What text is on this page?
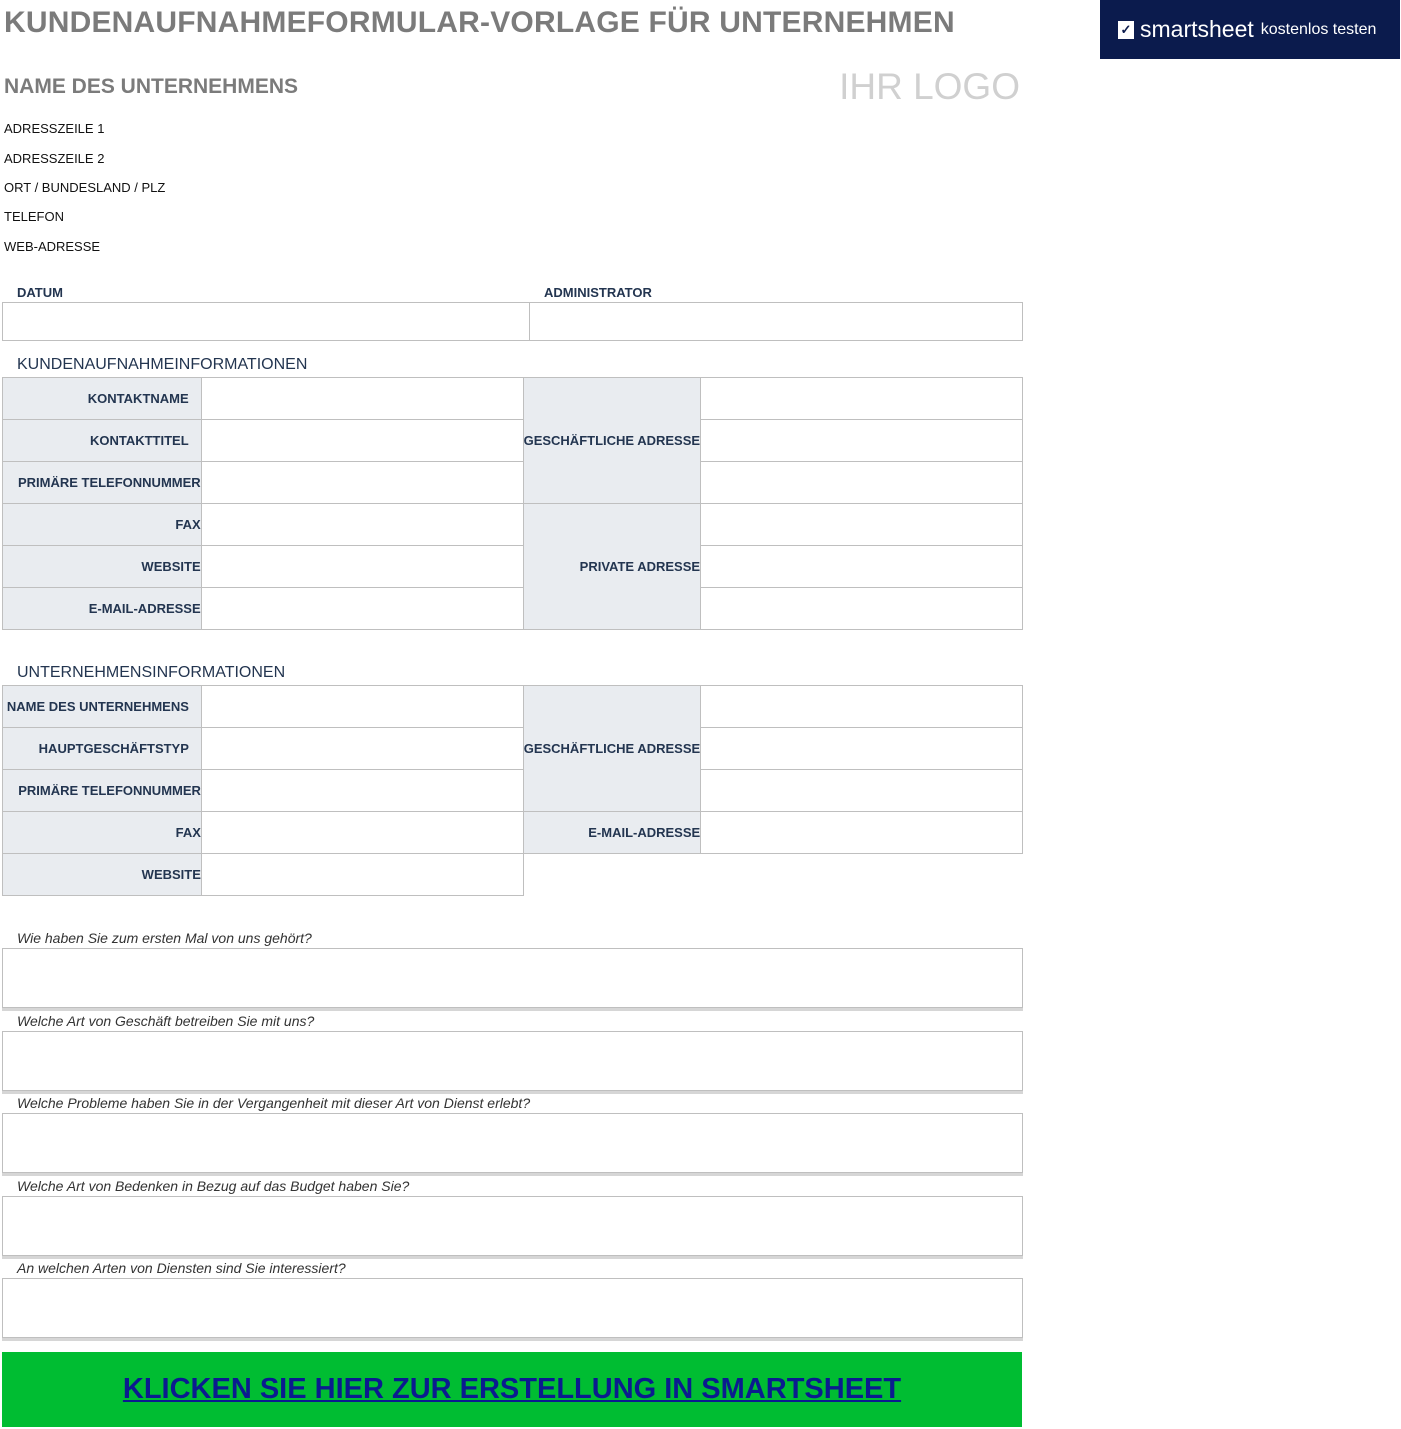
KUNDENAUFNAHMEFORMULAR-VORLAGE FÜR UNTERNEHMEN	✓ smartsheet kostenlos testen
NAME DES UNTERNEHMENS	IHR LOGO
ADRESSZEILE 1
ADRESSZEILE 2
ORT / BUNDESLAND / PLZ
TELEFON
WEB-ADRESSE
DATUM	ADMINISTRATOR
KUNDENAUFNAHMEINFORMATIONEN
KONTAKTNAME		GESCHÄFTLICHE ADRESSE	
KONTAKTTITEL			
PRIMÄRE TELEFONNUMMER			
FAX		PRIVATE ADRESSE	
WEBSITE			
E-MAIL-ADRESSE			
UNTERNEHMENSINFORMATIONEN
NAME DES UNTERNEHMENS		GESCHÄFTLICHE ADRESSE	
HAUPTGESCHÄFTSTYP			
PRIMÄRE TELEFONNUMMER			
FAX		E-MAIL-ADRESSE	
WEBSITE			
Wie haben Sie zum ersten Mal von uns gehört?
Welche Art von Geschäft betreiben Sie mit uns?
Welche Probleme haben Sie in der Vergangenheit mit dieser Art von Dienst erlebt?
Welche Art von Bedenken in Bezug auf das Budget haben Sie?
An welchen Arten von Diensten sind Sie interessiert?
KLICKEN SIE HIER ZUR ERSTELLUNG IN SMARTSHEET
